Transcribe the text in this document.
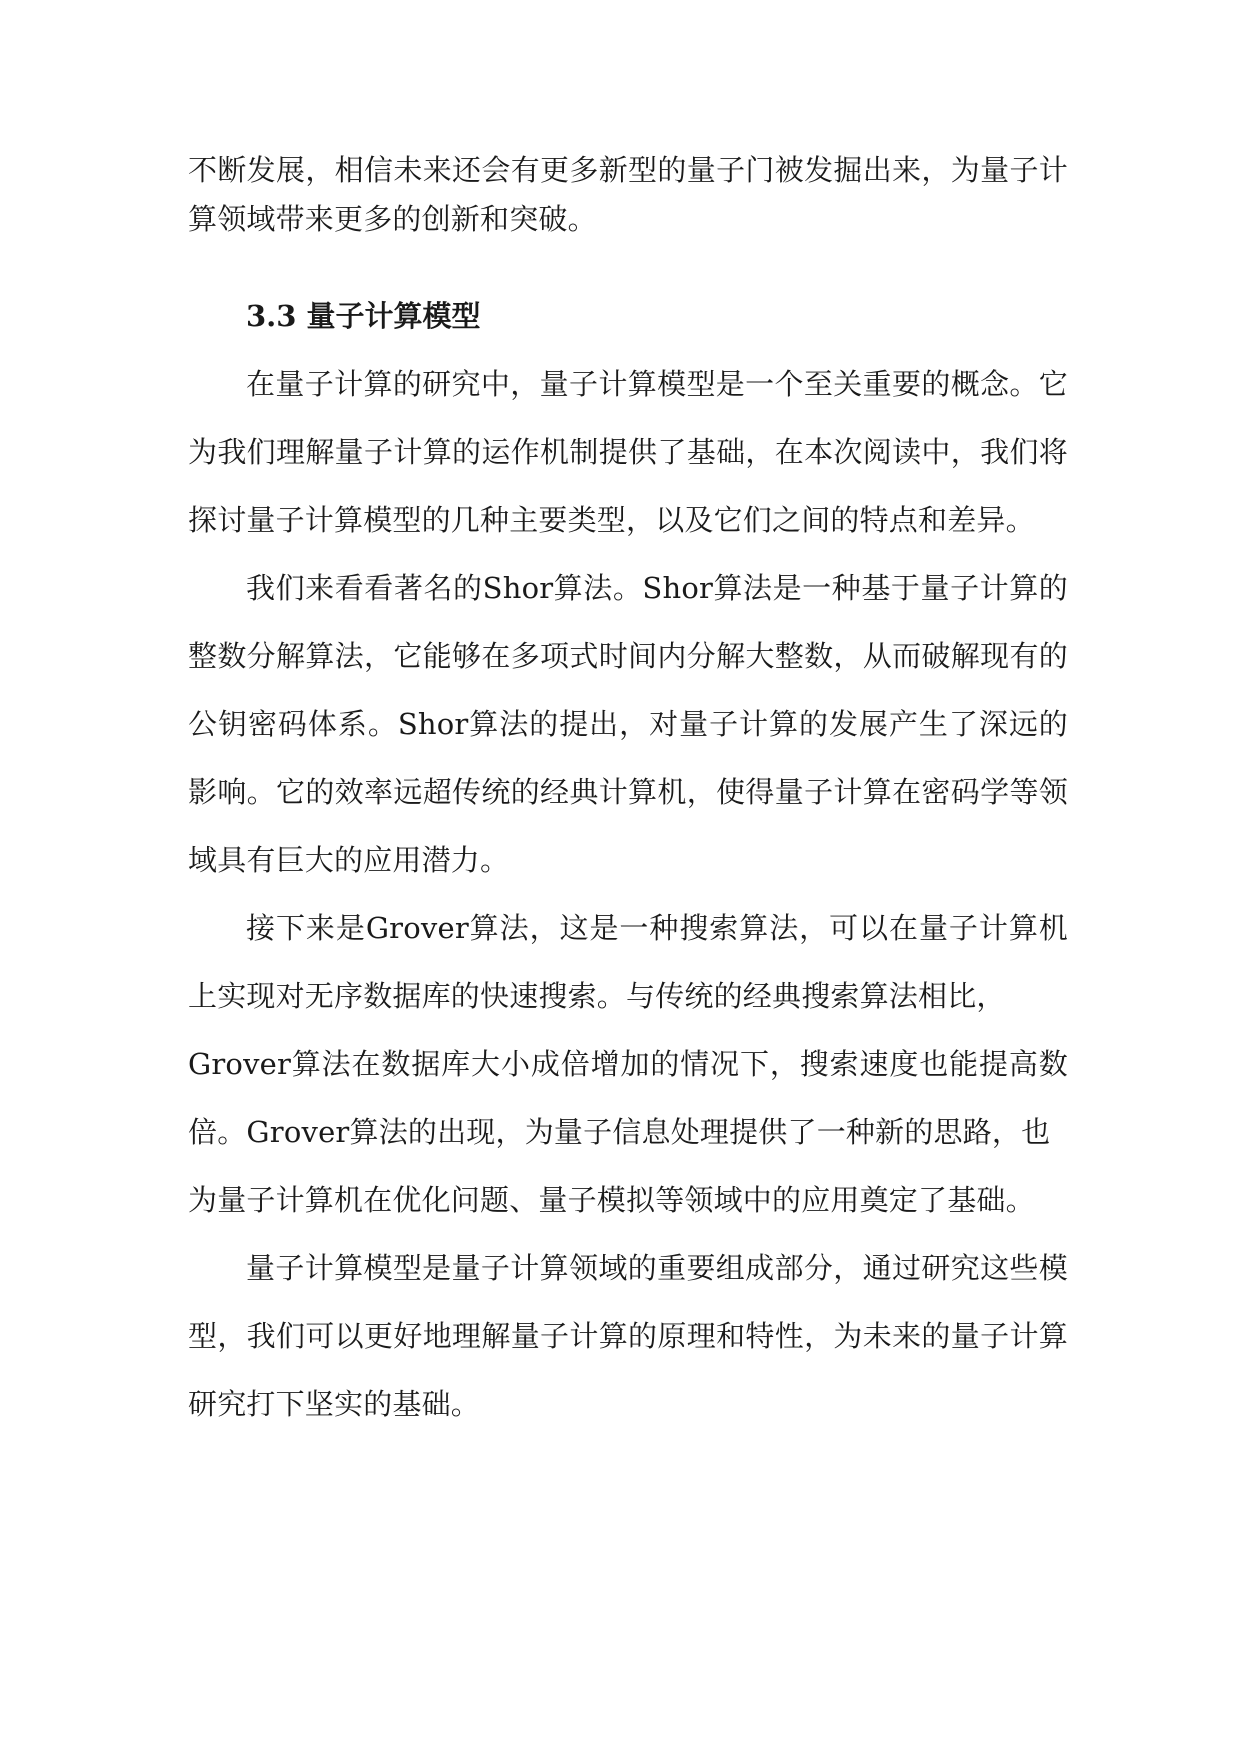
不断发展，相信未来还会有更多新型的量子门被发掘出来，为量子计
算领域带来更多的创新和突破。
3.3 量子计算模型
在量子计算的研究中，量子计算模型是一个至关重要的概念。它
为我们理解量子计算的运作机制提供了基础，在本次阅读中，我们将
探讨量子计算模型的几种主要类型，以及它们之间的特点和差异。
我们来看看著名的Shor算法。Shor算法是一种基于量子计算的
整数分解算法，它能够在多项式时间内分解大整数，从而破解现有的
公钥密码体系。Shor算法的提出，对量子计算的发展产生了深远的
影响。它的效率远超传统的经典计算机，使得量子计算在密码学等领
域具有巨大的应用潜力。
接下来是Grover算法，这是一种搜索算法，可以在量子计算机
上实现对无序数据库的快速搜索。与传统的经典搜索算法相比，
Grover算法在数据库大小成倍增加的情况下，搜索速度也能提高数
倍。Grover算法的出现，为量子信息处理提供了一种新的思路，也
为量子计算机在优化问题、量子模拟等领域中的应用奠定了基础。
量子计算模型是量子计算领域的重要组成部分，通过研究这些模
型，我们可以更好地理解量子计算的原理和特性，为未来的量子计算
研究打下坚实的基础。
